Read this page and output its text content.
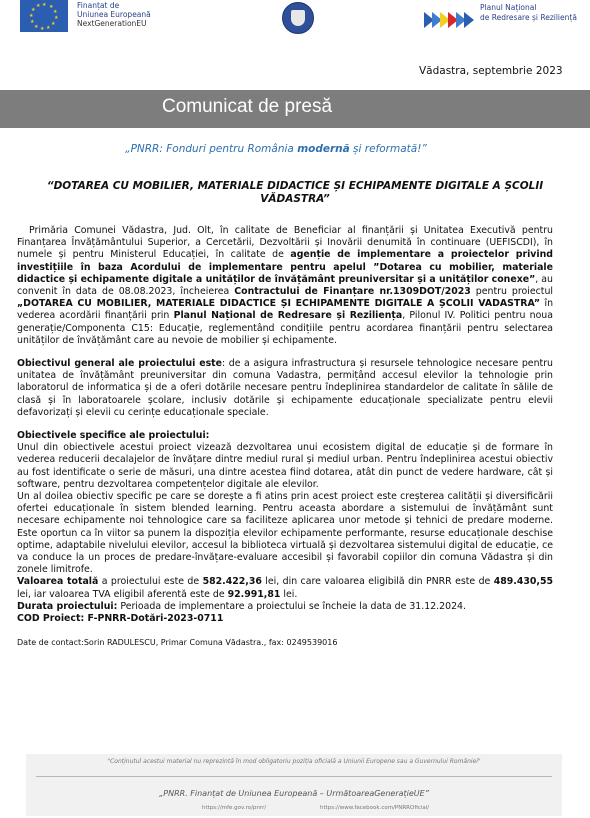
★ ★
★
★
★
★
★
★
★
★
★
★	Finanțat de
Uniunea Europeană
NextGenerationEU
Planul Național
de Redresare și Reziliență
Vădastra, septembrie 2023
Comunicat de presă
„PNRR: Fonduri pentru România modernă și reformată!”
“DOTAREA CU MOBILIER, MATERIALE DIDACTICE ȘI ECHIPAMENTE DIGITALE A ȘCOLII VĂDASTRA”

Primăria Comunei Vădastra, Jud. Olt, în calitate de Beneficiar al finanțării și Unitatea Executivă pentru Finanțarea Învățământului Superior, a Cercetării, Dezvoltării și Inovării denumită în continuare (UEFISCDI), în numele și pentru Ministerul Educației, în calitate de agenție de implementare a proiectelor privind investițiile în baza Acordului de implementare pentru apelul ”Dotarea cu mobilier, materiale didactice și echipamente digitale a unităților de învățământ preuniversitar și a unităților conexe”, au convenit în data de 08.08.2023, încheierea Contractului de Finanțare nr.1309DOT/2023 pentru proiectul „DOTAREA CU MOBILIER, MATERIALE DIDACTICE ȘI ECHIPAMENTE DIGITALE A ȘCOLII VADASTRA” în vederea acordării finanțării prin Planul Național de Redresare și Reziliența, Pilonul IV. Politici pentru noua generație/Componenta C15: Educație, reglementând condițiile pentru acordarea finanțării pentru selectarea unităților de învățământ care au nevoie de mobilier și echipamente.

Obiectivul general ale proiectului este: de a asigura infrastructura și resursele tehnologice necesare pentru unitatea de învățământ preuniversitar din comuna Vadastra, permițând accesul elevilor la tehnologie prin laboratorul de informatica și de a oferi dotările necesare pentru îndeplinirea standardelor de calitate în sălile de clasă și în laboratoarele școlare, inclusiv dotările și echipamente educaționale specializate pentru elevii defavorizați și elevii cu cerințe educaționale speciale.

Obiectivele specifice ale proiectului:

Unul din obiectivele acestui proiect vizează dezvoltarea unui ecosistem digital de educație și de formare în vederea reducerii decalajelor de învățare dintre mediul rural și mediul urban. Pentru îndeplinirea acestui obiectiv au fost identificate o serie de măsuri, una dintre acestea fiind dotarea, atât din punct de vedere hardware, cât și software, pentru dezvoltarea competențelor digitale ale elevilor.

Un al doilea obiectiv specific pe care se dorește a fi atins prin acest proiect este creșterea calității și diversificării ofertei educaționale în sistem blended learning. Pentru aceasta abordare a sistemului de învățământ sunt necesare echipamente noi tehnologice care sa faciliteze aplicarea unor metode și tehnici de predare moderne. Este oportun ca în viitor sa punem la dispoziția elevilor echipamente performante, resurse educaționale deschise optime, adaptabile nivelului elevilor, accesul la biblioteca virtuală și dezvoltarea sistemului digital de educație, ce va conduce la un proces de predare-învățare-evaluare accesibil și favorabil copiilor din comuna Vădastra și din zonele limitrofe.

Valoarea totală a proiectului este de 582.422,36 lei, din care valoarea eligibilă din PNRR este de 489.430,55 lei, iar valoarea TVA eligibil aferentă este de 92.991,81 lei.

Durata proiectului: Perioada de implementare a proiectului se încheie la data de 31.12.2024.

COD Proiect: F-PNRR-Dotări-2023-0711

Date de contact:Sorin RADULESCU, Primar Comuna Vădastra., fax: 0249539016
"Conținutul acestui material nu reprezintă în mod obligatoriu poziția oficială a Uniunii Europene sau a Guvernului României"
„PNRR. Finanțat de Uniunea Europeană – UrmătoareaGenerațieUE”
https://mfe.gov.ro/pnrr/	https://www.facebook.com/PNRROficial/
